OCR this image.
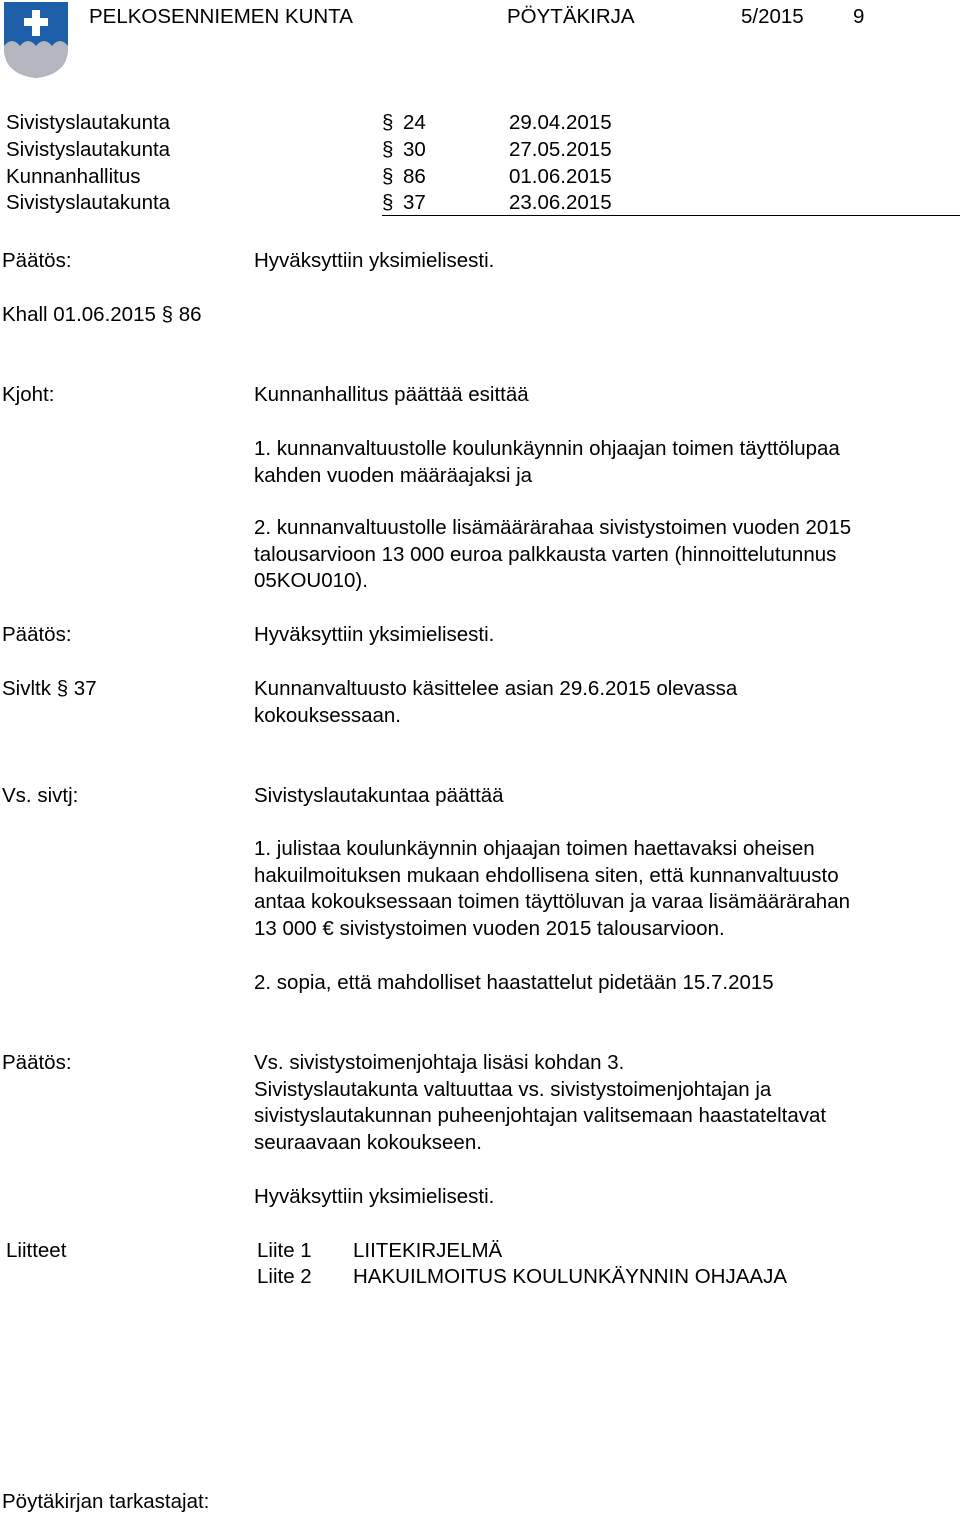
PELKOSENNIEMEN KUNTA	PÖYTÄKIRJA	5/2015 9
Sivistyslautakunta	§ 24	29.04.2015
Sivistyslautakunta	§ 30	27.05.2015
Kunnanhallitus	§ 86	01.06.2015
Sivistyslautakunta	§ 37	23.06.2015
Päätös:	Hyväksyttiin yksimielisesti.
Khall 01.06.2015 § 86
Kjoht:	Kunnanhallitus päättää esittää

1. kunnanvaltuustolle koulunkäynnin ohjaajan toimen täyttölupaa

kahden vuoden määräajaksi ja

2. kunnanvaltuustolle lisämäärärahaa sivistystoimen vuoden 2015

talousarvioon 13 000 euroa palkkausta varten (hinnoittelutunnus

05KOU010).

Päätös:	Hyväksyttiin yksimielisesti.
Sivltk § 37	Kunnanvaltuusto käsittelee asian 29.6.2015 olevassa

kokouksessaan.

Vs. sivtj:	Sivistyslautakuntaa päättää

1. julistaa koulunkäynnin ohjaajan toimen haettavaksi oheisen

hakuilmoituksen mukaan ehdollisena siten, että kunnanvaltuusto

antaa kokouksessaan toimen täyttöluvan ja varaa lisämäärärahan

13 000 € sivistystoimen vuoden 2015 talousarvioon.

2. sopia, että mahdolliset haastattelut pidetään 15.7.2015
Päätös:	Vs. sivistystoimenjohtaja lisäsi kohdan 3.

Sivistyslautakunta valtuuttaa vs. sivistystoimenjohtajan ja

sivistyslautakunnan puheenjohtajan valitsemaan haastateltavat

seuraavaan kokoukseen.

Hyväksyttiin yksimielisesti.
Liitteet	Liite 1 LIITEKIRJELMÄ
Liite 2 HAKUILMOITUS KOULUNKÄYNNIN OHJAAJA
Pöytäkirjan tarkastajat:
